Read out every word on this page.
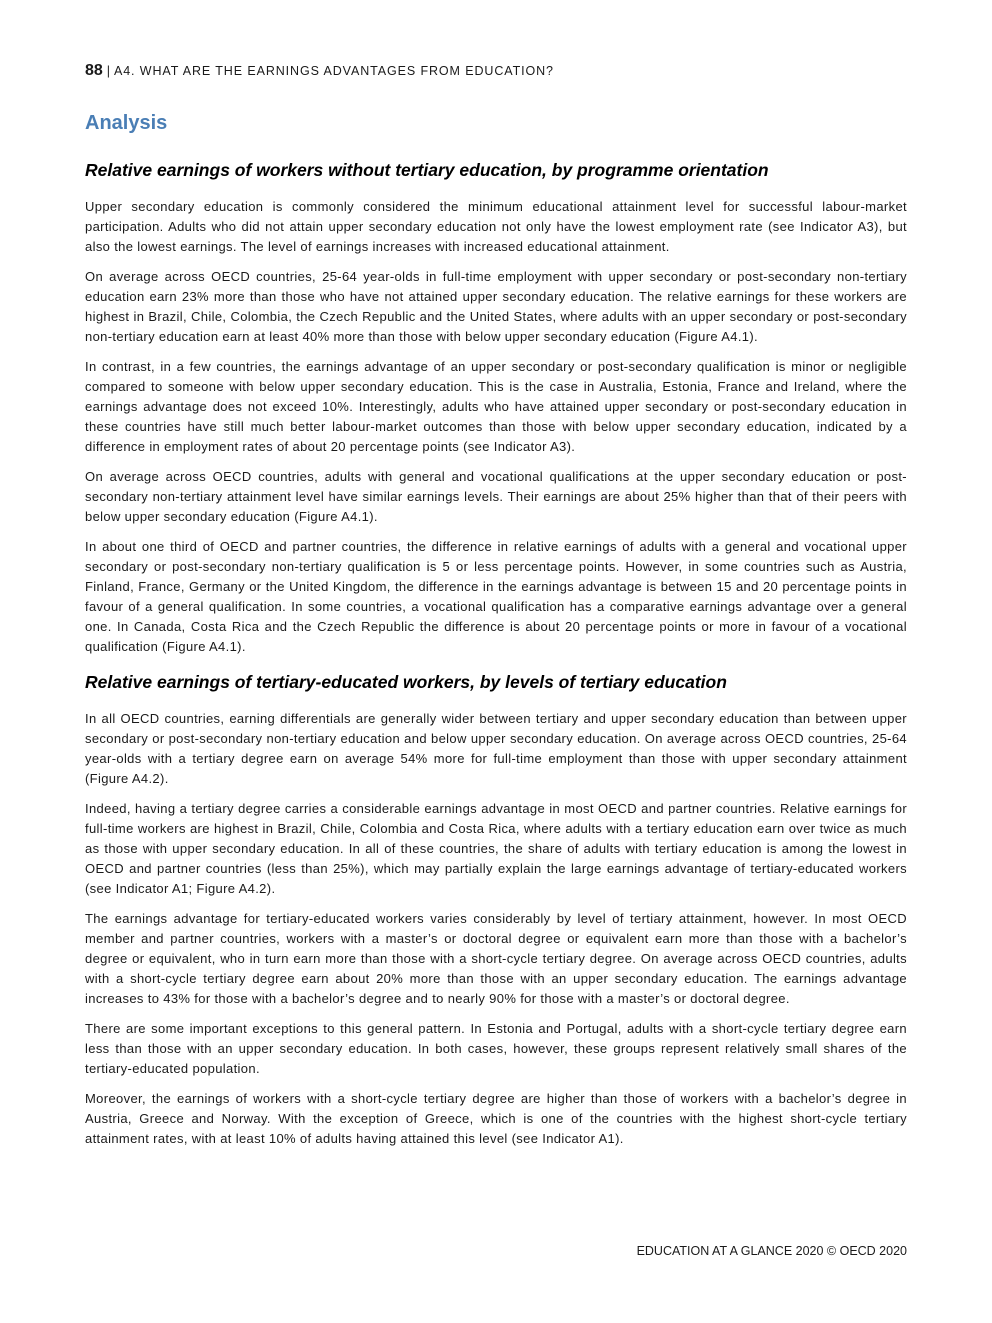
88 | A4. WHAT ARE THE EARNINGS ADVANTAGES FROM EDUCATION?
Analysis
Relative earnings of workers without tertiary education, by programme orientation

Upper secondary education is commonly considered the minimum educational attainment level for successful labour-market participation. Adults who did not attain upper secondary education not only have the lowest employment rate (see Indicator A3), but also the lowest earnings. The level of earnings increases with increased educational attainment.

On average across OECD countries, 25-64 year-olds in full-time employment with upper secondary or post-secondary non-tertiary education earn 23% more than those who have not attained upper secondary education. The relative earnings for these workers are highest in Brazil, Chile, Colombia, the Czech Republic and the United States, where adults with an upper secondary or post-secondary non-tertiary education earn at least 40% more than those with below upper secondary education (Figure A4.1).

In contrast, in a few countries, the earnings advantage of an upper secondary or post-secondary qualification is minor or negligible compared to someone with below upper secondary education. This is the case in Australia, Estonia, France and Ireland, where the earnings advantage does not exceed 10%. Interestingly, adults who have attained upper secondary or post-secondary education in these countries have still much better labour-market outcomes than those with below upper secondary education, indicated by a difference in employment rates of about 20 percentage points (see Indicator A3).

On average across OECD countries, adults with general and vocational qualifications at the upper secondary education or post-secondary non-tertiary attainment level have similar earnings levels. Their earnings are about 25% higher than that of their peers with below upper secondary education (Figure A4.1).

In about one third of OECD and partner countries, the difference in relative earnings of adults with a general and vocational upper secondary or post-secondary non-tertiary qualification is 5 or less percentage points. However, in some countries such as Austria, Finland, France, Germany or the United Kingdom, the difference in the earnings advantage is between 15 and 20 percentage points in favour of a general qualification. In some countries, a vocational qualification has a comparative earnings advantage over a general one. In Canada, Costa Rica and the Czech Republic the difference is about 20 percentage points or more in favour of a vocational qualification (Figure A4.1).

Relative earnings of tertiary-educated workers, by levels of tertiary education

In all OECD countries, earning differentials are generally wider between tertiary and upper secondary education than between upper secondary or post-secondary non-tertiary education and below upper secondary education. On average across OECD countries, 25-64 year-olds with a tertiary degree earn on average 54% more for full-time employment than those with upper secondary attainment (Figure A4.2).

Indeed, having a tertiary degree carries a considerable earnings advantage in most OECD and partner countries. Relative earnings for full-time workers are highest in Brazil, Chile, Colombia and Costa Rica, where adults with a tertiary education earn over twice as much as those with upper secondary education. In all of these countries, the share of adults with tertiary education is among the lowest in OECD and partner countries (less than 25%), which may partially explain the large earnings advantage of tertiary-educated workers (see Indicator A1; Figure A4.2).

The earnings advantage for tertiary-educated workers varies considerably by level of tertiary attainment, however. In most OECD member and partner countries, workers with a master’s or doctoral degree or equivalent earn more than those with a bachelor’s degree or equivalent, who in turn earn more than those with a short-cycle tertiary degree. On average across OECD countries, adults with a short-cycle tertiary degree earn about 20% more than those with an upper secondary education. The earnings advantage increases to 43% for those with a bachelor’s degree and to nearly 90% for those with a master’s or doctoral degree.

There are some important exceptions to this general pattern. In Estonia and Portugal, adults with a short-cycle tertiary degree earn less than those with an upper secondary education. In both cases, however, these groups represent relatively small shares of the tertiary-educated population.

Moreover, the earnings of workers with a short-cycle tertiary degree are higher than those of workers with a bachelor’s degree in Austria, Greece and Norway. With the exception of Greece, which is one of the countries with the highest short-cycle tertiary attainment rates, with at least 10% of adults having attained this level (see Indicator A1).

EDUCATION AT A GLANCE 2020 © OECD 2020
